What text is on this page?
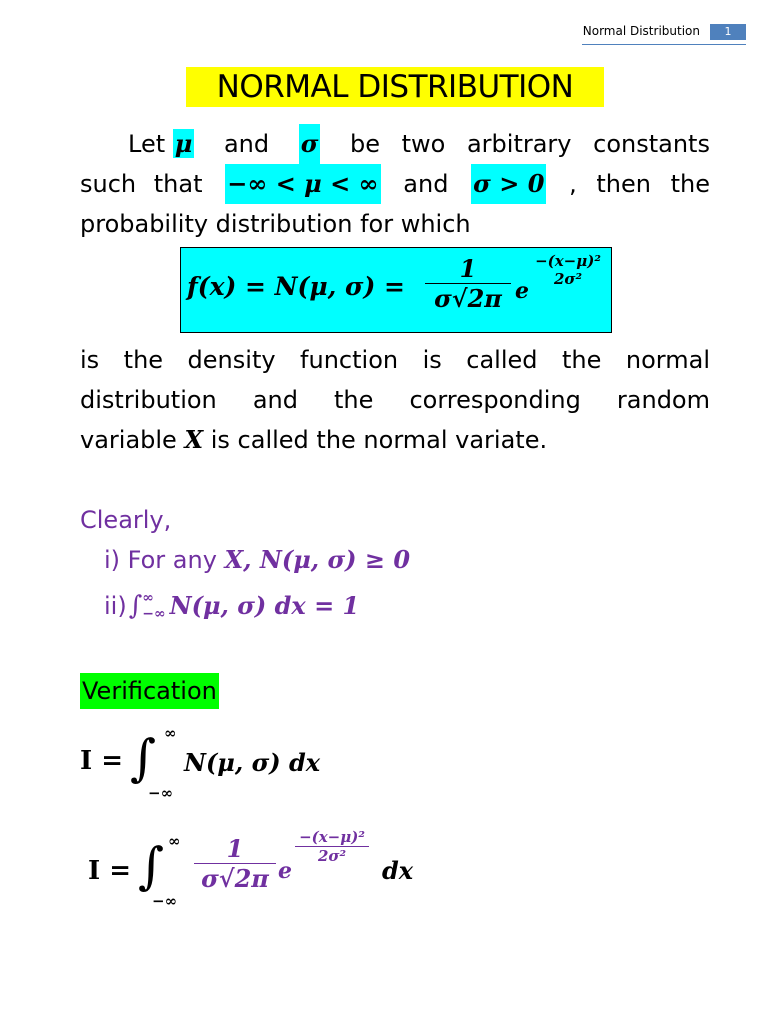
Normal Distribution	1
NORMAL DISTRIBUTION
Let μ and σ be two arbitrary constants
such that −∞ < μ < ∞ and σ > 0 , then the
probability distribution for which
f(x) = N(μ, $\sigma) = \frac{1}{\sigma√2\pi}$ e
−(x−μ)²
2σ²
is the density function is called the normal
distribution and the corresponding random
variable X is called the normal variate.
Clearly,
i) For any X, N(μ, σ) ≥ 0
ii) ∫ ∞
−∞ N(μ, σ) dx = 1
Verification
I = ∫ ∞
−∞
N(μ, σ) dx
I = ∫ ∞
−∞
$\frac{1}{\sigma√2\pi}$ e
$\frac{\text{−(x−μ)²}}{\text{2σ²}}$
dx
